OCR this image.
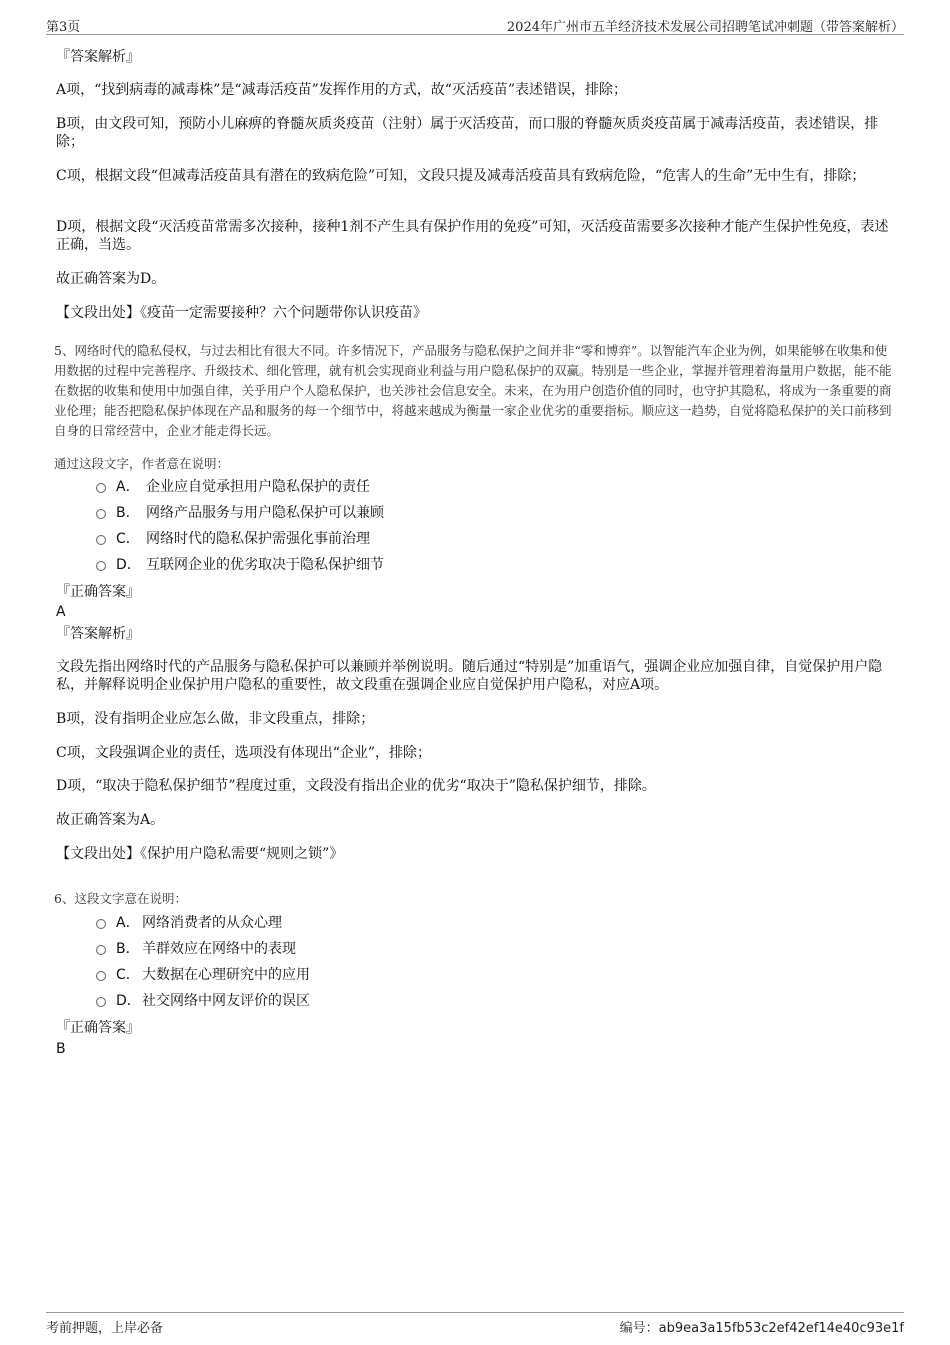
第3页	2024年广州市五羊经济技术发展公司招聘笔试冲刺题（带答案解析）

『答案解析』

A项，“找到病毒的减毒株”是“减毒活疫苗”发挥作用的方式，故“灭活疫苗”表述错误，排除；

B项，由文段可知，预防小儿麻痹的脊髓灰质炎疫苗（注射）属于灭活疫苗，而口服的脊髓灰质炎疫苗属于减毒活疫苗，表述错误，排除；

C项，根据文段“但减毒活疫苗具有潜在的致病危险”可知，文段只提及减毒活疫苗具有致病危险，“危害人的生命”无中生有，排除；

D项，根据文段“灭活疫苗常需多次接种，接种1剂不产生具有保护作用的免疫”可知，灭活疫苗需要多次接种才能产生保护性免疫，表述正确，当选。

故正确答案为D。

【文段出处】《疫苗一定需要接种？六个问题带你认识疫苗》

5、网络时代的隐私侵权，与过去相比有很大不同。许多情况下，产品服务与隐私保护之间并非“零和博弈”。以智能汽车企业为例，如果能够在收集和使用数据的过程中完善程序、升级技术、细化管理，就有机会实现商业利益与用户隐私保护的双赢。特别是一些企业，掌握并管理着海量用户数据，能不能在数据的收集和使用中加强自律，关乎用户个人隐私保护，也关涉社会信息安全。未来，在为用户创造价值的同时，也守护其隐私，将成为一条重要的商业伦理；能否把隐私保护体现在产品和服务的每一个细节中，将越来越成为衡量一家企业优劣的重要指标。顺应这一趋势，自觉将隐私保护的关口前移到自身的日常经营中，企业才能走得长远。

通过这段文字，作者意在说明：

A． 企业应自觉承担用户隐私保护的责任
B． 网络产品服务与用户隐私保护可以兼顾
C． 网络时代的隐私保护需强化事前治理
D． 互联网企业的优劣取决于隐私保护细节

『正确答案』

A

『答案解析』

文段先指出网络时代的产品服务与隐私保护可以兼顾并举例说明。随后通过“特别是”加重语气，强调企业应加强自律，自觉保护用户隐私，并解释说明企业保护用户隐私的重要性，故文段重在强调企业应自觉保护用户隐私，对应A项。

B项，没有指明企业应怎么做，非文段重点，排除；

C项，文段强调企业的责任，选项没有体现出“企业”，排除；

D项，“取决于隐私保护细节”程度过重，文段没有指出企业的优劣“取决于”隐私保护细节，排除。

故正确答案为A。

【文段出处】《保护用户隐私需要“规则之锁”》

6、这段文字意在说明：

A． 网络消费者的从众心理
B． 羊群效应在网络中的表现
C． 大数据在心理研究中的应用
D．社交网络中网友评价的误区

『正确答案』

B

考前押题，上岸必备	编号：ab9ea3a15fb53c2ef42ef14e40c93e1f
